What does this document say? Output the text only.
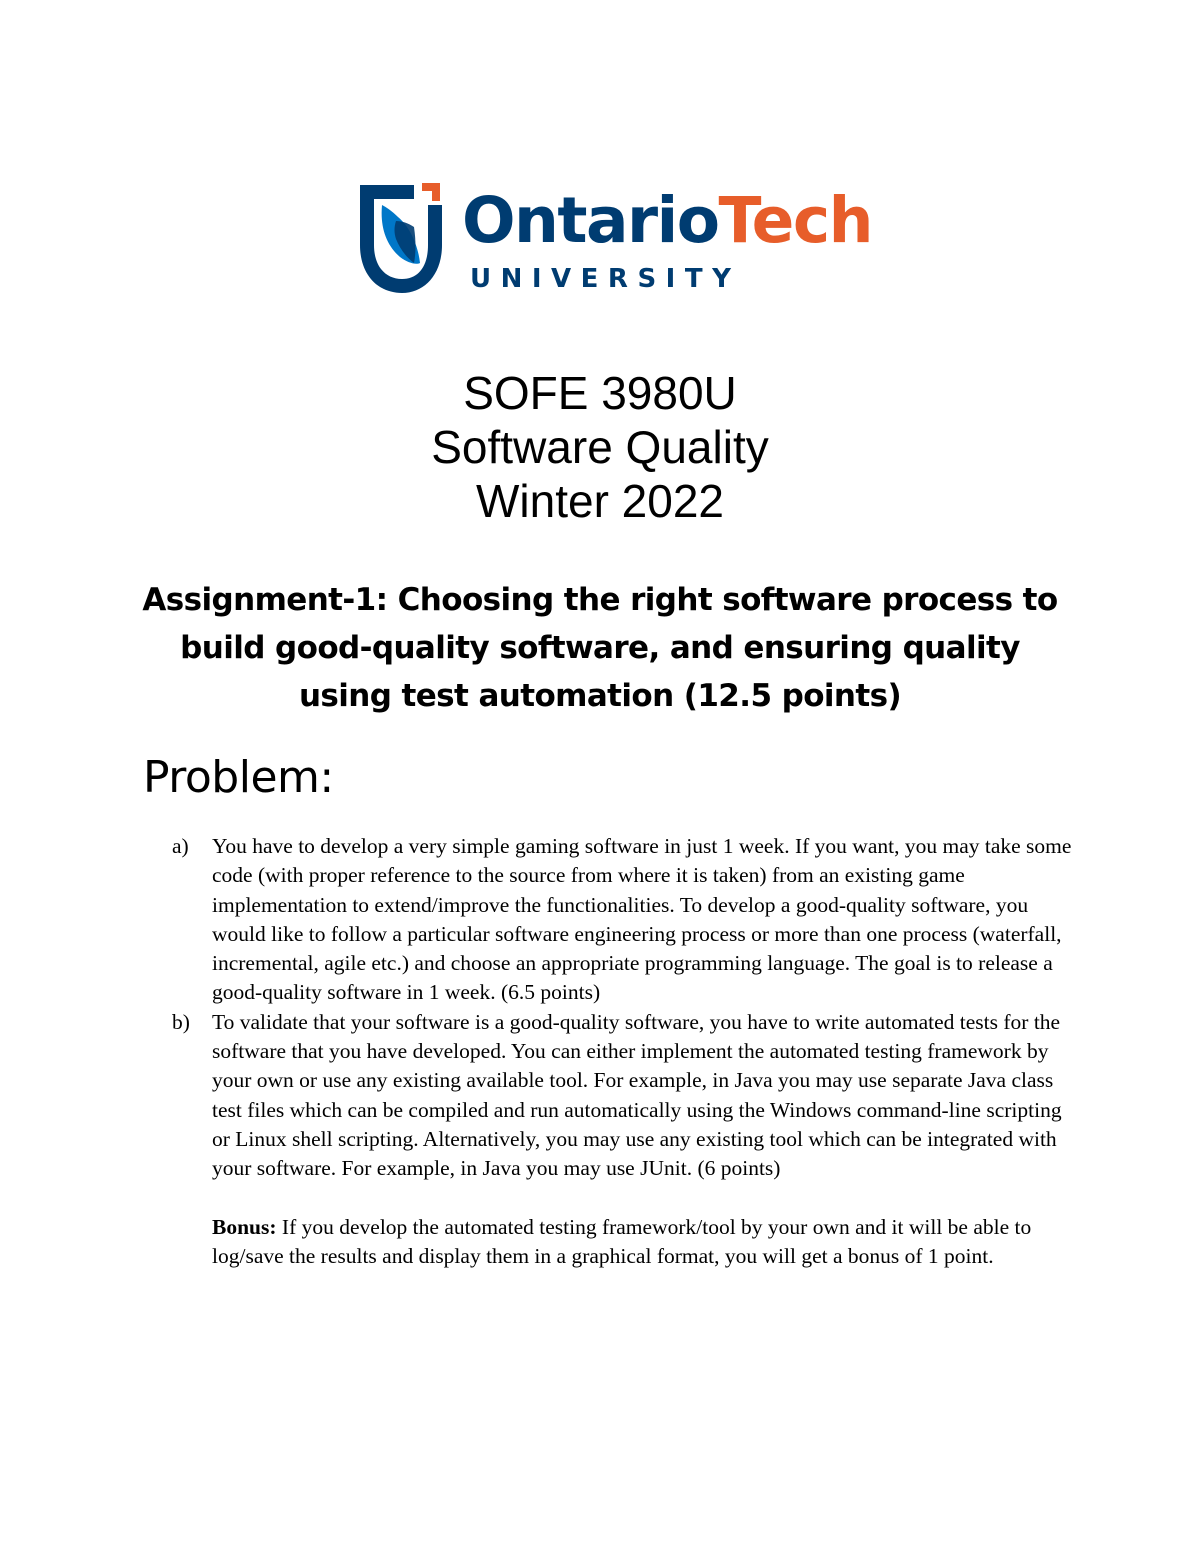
OntarioTech
UNIVERSITY
SOFE 3980U
Software Quality
Winter 2022
Assignment-1: Choosing the right software process to build good-quality software, and ensuring quality using test automation (12.5 points)
Problem:
a) You have to develop a very simple gaming software in just 1 week. If you want, you may take some code (with proper reference to the source from where it is taken) from an existing game implementation to extend/improve the functionalities. To develop a good-quality software, you would like to follow a particular software engineering process or more than one process (waterfall, incremental, agile etc.) and choose an appropriate programming language. The goal is to release a good-quality software in 1 week. (6.5 points)
b) To validate that your software is a good-quality software, you have to write automated tests for the software that you have developed. You can either implement the automated testing framework by your own or use any existing available tool. For example, in Java you may use separate Java class test files which can be compiled and run automatically using the Windows command-line scripting or Linux shell scripting. Alternatively, you may use any existing tool which can be integrated with your software. For example, in Java you may use JUnit. (6 points)
Bonus: If you develop the automated testing framework/tool by your own and it will be able to log/save the results and display them in a graphical format, you will get a bonus of 1 point.
